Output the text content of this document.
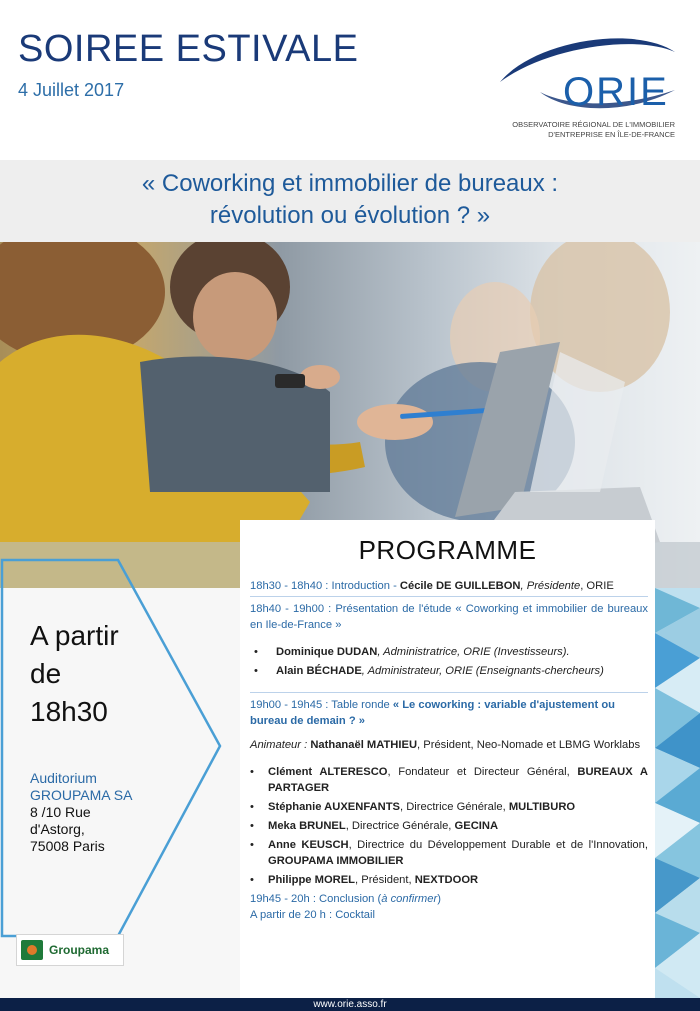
SOIREE ESTIVALE
4 Juillet 2017	ORIE
OBSERVATOIRE RÉGIONAL DE L'IMMOBILIER
D'ENTREPRISE EN ÎLE-DE-FRANCE
« Coworking et immobilier de bureaux :
révolution ou évolution ? »
A partir
de
18h30
Auditorium
GROUPAMA SA
8 /10 Rue
d'Astorg,
75008 Paris
Groupama
PROGRAMME
18h30 - 18h40 : Introduction - Cécile DE GUILLEBON, Présidente, ORIE
18h40 - 19h00 : Présentation de l'étude « Coworking et immobilier de bureaux en Ile-de-France »
• Dominique DUDAN, Administratrice, ORIE (Investisseurs).
• Alain BÉCHADE, Administrateur, ORIE (Enseignants-chercheurs)
19h00 - 19h45 : Table ronde « Le coworking : variable d'ajustement ou bureau de demain ? »
Animateur : Nathanaël MATHIEU, Président, Neo-Nomade et LBMG Worklabs
• Clément ALTERESCO, Fondateur et Directeur Général, BUREAUX A PARTAGER
• Stéphanie AUXENFANTS, Directrice Générale, MULTIBURO
• Meka BRUNEL, Directrice Générale, GECINA
• Anne KEUSCH, Directrice du Développement Durable et de l'Innovation, GROUPAMA IMMOBILIER
• Philippe MOREL, Président, NEXTDOOR
19h45 - 20h : Conclusion (à confirmer)
A partir de 20 h : Cocktail
www.orie.asso.fr
